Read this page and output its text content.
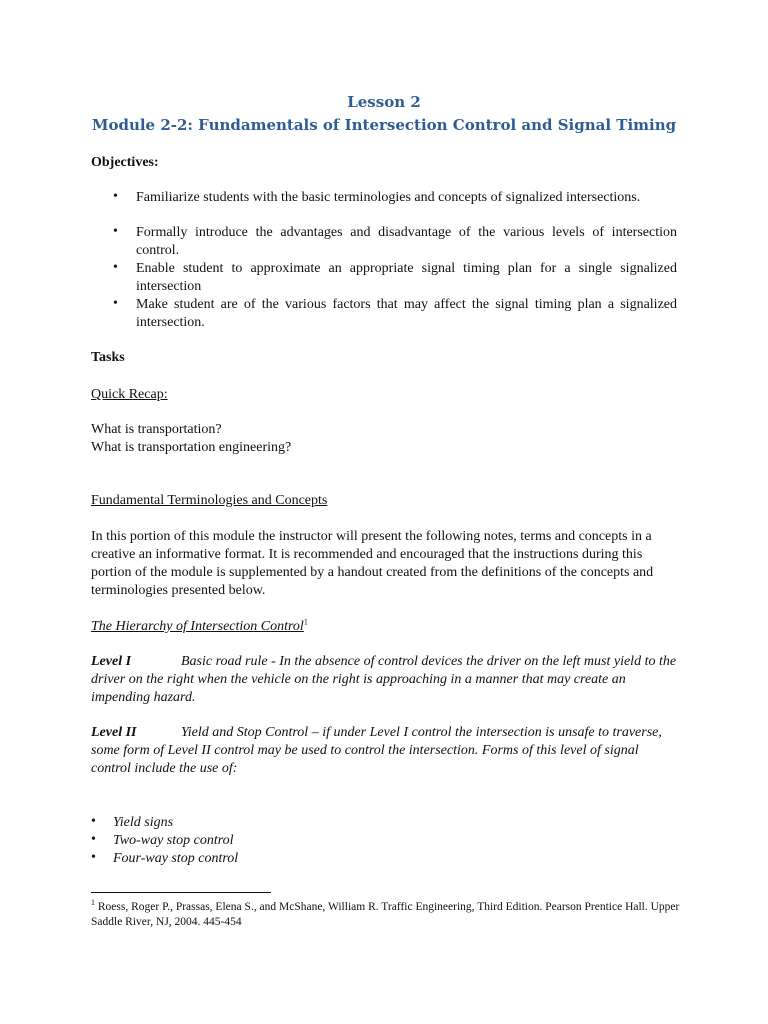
Lesson 2
Module 2-2: Fundamentals of Intersection Control and Signal Timing
Objectives:
• Familiarize students with the basic terminologies and concepts of signalized intersections.
• Formally introduce the advantages and disadvantage of the various levels of intersection control.
• Enable student to approximate an appropriate signal timing plan for a single signalized intersection
• Make student are of the various factors that may affect the signal timing plan a signalized intersection.
Tasks
Quick Recap:
What is transportation?
What is transportation engineering?
Fundamental Terminologies and Concepts
In this portion of this module the instructor will present the following notes, terms and concepts in a creative an informative format. It is recommended and encouraged that the instructions during this portion of the module is supplemented by a handout created from the definitions of the concepts and terminologies presented below.
The Hierarchy of Intersection Control$^1$
Level I	Basic road rule - In the absence of control devices the driver on the left must yield to the driver on the right when the vehicle on the right is approaching in a manner that may create an impending hazard.
Level II	Yield and Stop Control – if under Level I control the intersection is unsafe to traverse, some form of Level II control may be used to control the intersection. Forms of this level of signal control include the use of:
• Yield signs
• Two-way stop control
• Four-way stop control
$^1$ Roess, Roger P., Prassas, Elena S., and McShane, William R. Traffic Engineering, Third Edition. Pearson Prentice Hall. Upper Saddle River, NJ, 2004. 445-454
